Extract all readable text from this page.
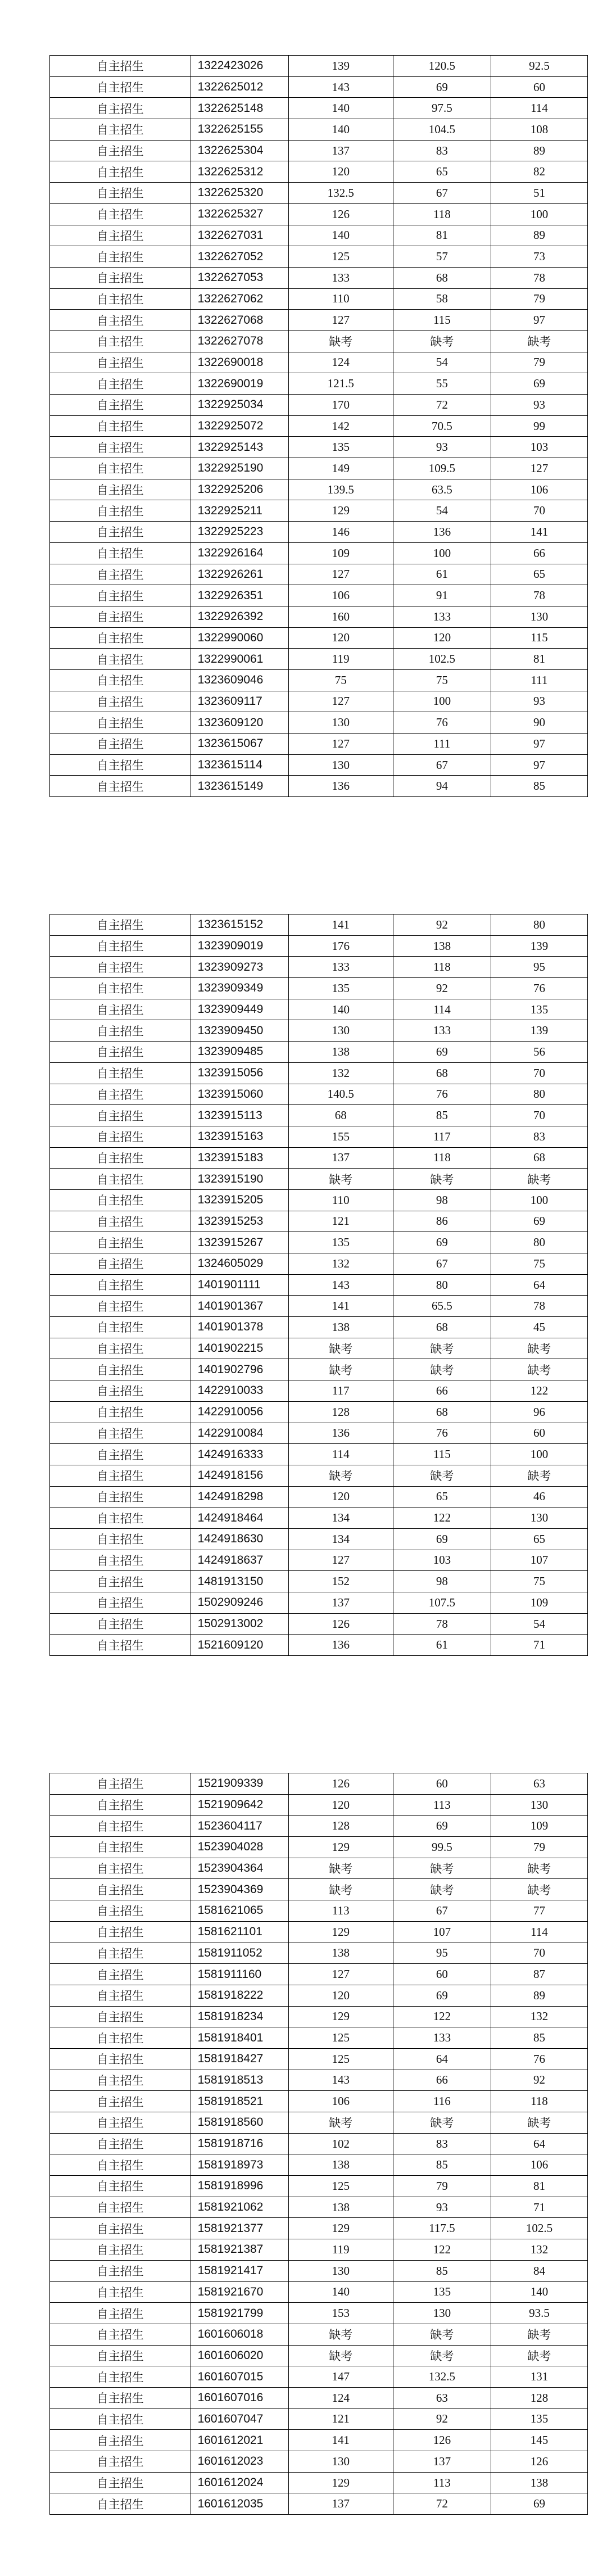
自主招生	1322423026	139	120.5	92.5
自主招生	1322625012	143	69	60
自主招生	1322625148	140	97.5	114
自主招生	1322625155	140	104.5	108
自主招生	1322625304	137	83	89
自主招生	1322625312	120	65	82
自主招生	1322625320	132.5	67	51
自主招生	1322625327	126	118	100
自主招生	1322627031	140	81	89
自主招生	1322627052	125	57	73
自主招生	1322627053	133	68	78
自主招生	1322627062	110	58	79
自主招生	1322627068	127	115	97
自主招生	1322627078	缺考	缺考	缺考
自主招生	1322690018	124	54	79
自主招生	1322690019	121.5	55	69
自主招生	1322925034	170	72	93
自主招生	1322925072	142	70.5	99
自主招生	1322925143	135	93	103
自主招生	1322925190	149	109.5	127
自主招生	1322925206	139.5	63.5	106
自主招生	1322925211	129	54	70
自主招生	1322925223	146	136	141
自主招生	1322926164	109	100	66
自主招生	1322926261	127	61	65
自主招生	1322926351	106	91	78
自主招生	1322926392	160	133	130
自主招生	1322990060	120	120	115
自主招生	1322990061	119	102.5	81
自主招生	1323609046	75	75	111
自主招生	1323609117	127	100	93
自主招生	1323609120	130	76	90
自主招生	1323615067	127	111	97
自主招生	1323615114	130	67	97
自主招生	1323615149	136	94	85
自主招生	1323615152	141	92	80
自主招生	1323909019	176	138	139
自主招生	1323909273	133	118	95
自主招生	1323909349	135	92	76
自主招生	1323909449	140	114	135
自主招生	1323909450	130	133	139
自主招生	1323909485	138	69	56
自主招生	1323915056	132	68	70
自主招生	1323915060	140.5	76	80
自主招生	1323915113	68	85	70
自主招生	1323915163	155	117	83
自主招生	1323915183	137	118	68
自主招生	1323915190	缺考	缺考	缺考
自主招生	1323915205	110	98	100
自主招生	1323915253	121	86	69
自主招生	1323915267	135	69	80
自主招生	1324605029	132	67	75
自主招生	1401901111	143	80	64
自主招生	1401901367	141	65.5	78
自主招生	1401901378	138	68	45
自主招生	1401902215	缺考	缺考	缺考
自主招生	1401902796	缺考	缺考	缺考
自主招生	1422910033	117	66	122
自主招生	1422910056	128	68	96
自主招生	1422910084	136	76	60
自主招生	1424916333	114	115	100
自主招生	1424918156	缺考	缺考	缺考
自主招生	1424918298	120	65	46
自主招生	1424918464	134	122	130
自主招生	1424918630	134	69	65
自主招生	1424918637	127	103	107
自主招生	1481913150	152	98	75
自主招生	1502909246	137	107.5	109
自主招生	1502913002	126	78	54
自主招生	1521609120	136	61	71
自主招生	1521909339	126	60	63
自主招生	1521909642	120	113	130
自主招生	1523604117	128	69	109
自主招生	1523904028	129	99.5	79
自主招生	1523904364	缺考	缺考	缺考
自主招生	1523904369	缺考	缺考	缺考
自主招生	1581621065	113	67	77
自主招生	1581621101	129	107	114
自主招生	1581911052	138	95	70
自主招生	1581911160	127	60	87
自主招生	1581918222	120	69	89
自主招生	1581918234	129	122	132
自主招生	1581918401	125	133	85
自主招生	1581918427	125	64	76
自主招生	1581918513	143	66	92
自主招生	1581918521	106	116	118
自主招生	1581918560	缺考	缺考	缺考
自主招生	1581918716	102	83	64
自主招生	1581918973	138	85	106
自主招生	1581918996	125	79	81
自主招生	1581921062	138	93	71
自主招生	1581921377	129	117.5	102.5
自主招生	1581921387	119	122	132
自主招生	1581921417	130	85	84
自主招生	1581921670	140	135	140
自主招生	1581921799	153	130	93.5
自主招生	1601606018	缺考	缺考	缺考
自主招生	1601606020	缺考	缺考	缺考
自主招生	1601607015	147	132.5	131
自主招生	1601607016	124	63	128
自主招生	1601607047	121	92	135
自主招生	1601612021	141	126	145
自主招生	1601612023	130	137	126
自主招生	1601612024	129	113	138
自主招生	1601612035	137	72	69
